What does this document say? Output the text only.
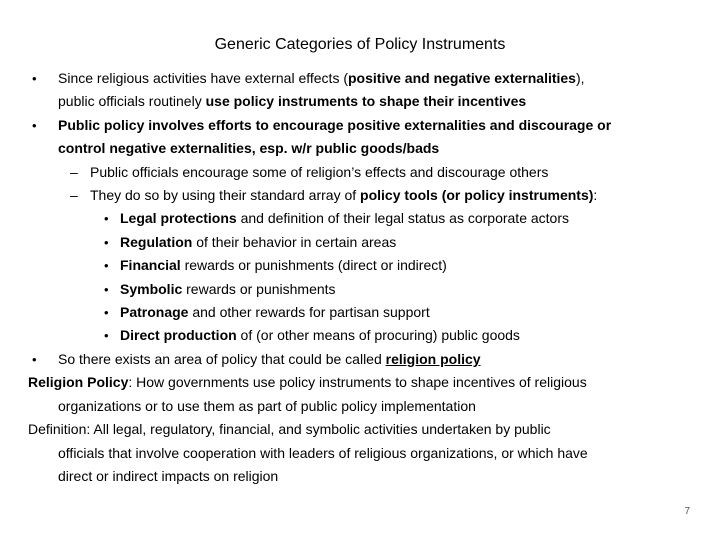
Generic Categories of Policy Instruments
• Since religious activities have external effects (positive and negative externalities),
public officials routinely use policy instruments to shape their incentives
• Public policy involves efforts to encourage positive externalities and discourage or
control negative externalities, esp. w/r public goods/bads
– Public officials encourage some of religion’s effects and discourage others
– They do so by using their standard array of policy tools (or policy instruments):
• Legal protections and definition of their legal status as corporate actors
• Regulation of their behavior in certain areas
• Financial rewards or punishments (direct or indirect)
• Symbolic rewards or punishments
• Patronage and other rewards for partisan support
• Direct production of (or other means of procuring) public goods
• So there exists an area of policy that could be called religion policy
Religion Policy: How governments use policy instruments to shape incentives of religious
organizations or to use them as part of public policy implementation
Definition: All legal, regulatory, financial, and symbolic activities undertaken by public
officials that involve cooperation with leaders of religious organizations, or which have
direct or indirect impacts on religion
7
